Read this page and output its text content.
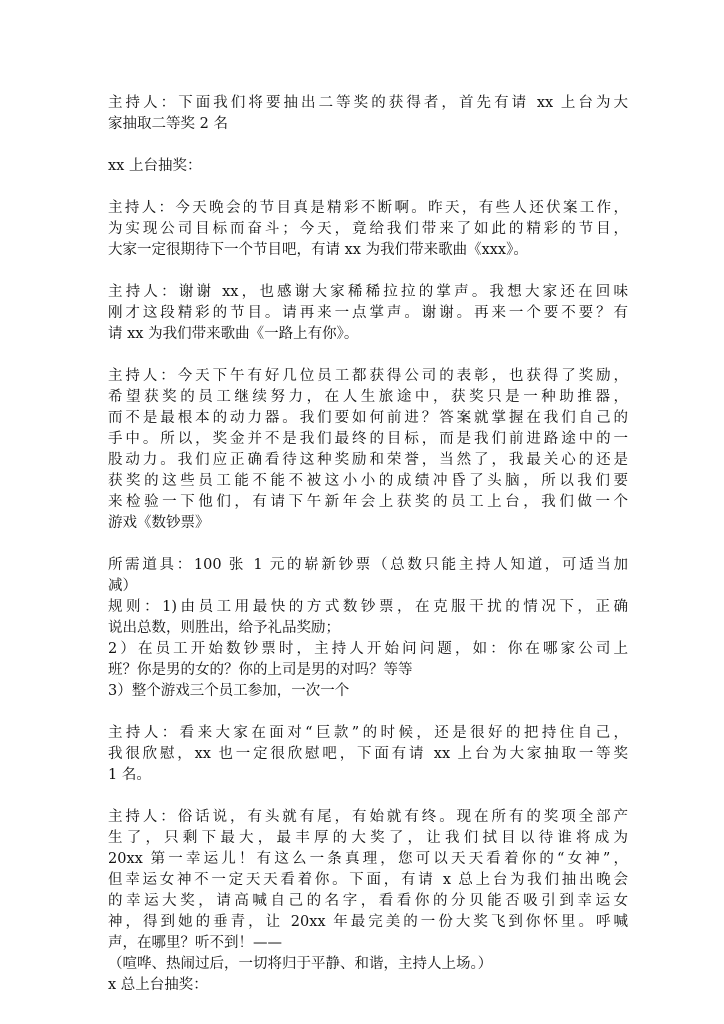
主持人：下面我们将要抽出二等奖的获得者，首先有请 xx 上台为大
家抽取二等奖 2 名
xx 上台抽奖：
主持人：今天晚会的节目真是精彩不断啊。昨天，有些人还伏案工作，
为实现公司目标而奋斗；今天，竟给我们带来了如此的精彩的节目，
大家一定很期待下一个节目吧，有请 xx 为我们带来歌曲《xxx》。
主持人：谢谢 xx，也感谢大家稀稀拉拉的掌声。我想大家还在回味
刚才这段精彩的节目。请再来一点掌声。谢谢。再来一个要不要？有
请 xx 为我们带来歌曲《一路上有你》。
主持人：今天下午有好几位员工都获得公司的表彰，也获得了奖励，
希望获奖的员工继续努力，在人生旅途中，获奖只是一种助推器，
而不是最根本的动力器。我们要如何前进？答案就掌握在我们自己的
手中。所以，奖金并不是我们最终的目标，而是我们前进路途中的一
股动力。我们应正确看待这种奖励和荣誉，当然了，我最关心的还是
获奖的这些员工能不能不被这小小的成绩冲昏了头脑，所以我们要
来检验一下他们，有请下午新年会上获奖的员工上台，我们做一个
游戏《数钞票》
所需道具：100 张 1 元的崭新钞票（总数只能主持人知道，可适当加
减）
规则：1)由员工用最快的方式数钞票，在克服干扰的情况下，正确
说出总数，则胜出，给予礼品奖励；
2）在员工开始数钞票时，主持人开始问问题，如：你在哪家公司上
班？你是男的女的？你的上司是男的对吗？等等
3）整个游戏三个员工参加，一次一个
主持人：看来大家在面对“巨款”的时候，还是很好的把持住自己，
我很欣慰，xx 也一定很欣慰吧，下面有请 xx 上台为大家抽取一等奖
1 名。
主持人：俗话说，有头就有尾，有始就有终。现在所有的奖项全部产
生了，只剩下最大，最丰厚的大奖了，让我们拭目以待谁将成为
20xx 第一幸运儿！有这么一条真理，您可以天天看着你的“女神”，
但幸运女神不一定天天看着你。下面，有请 x 总上台为我们抽出晚会
的幸运大奖，请高喊自己的名字，看看你的分贝能否吸引到幸运女
神，得到她的垂青，让 20xx 年最完美的一份大奖飞到你怀里。呼喊
声，在哪里？听不到！——
（喧哗、热闹过后，一切将归于平静、和谐，主持人上场。）
x 总上台抽奖：
